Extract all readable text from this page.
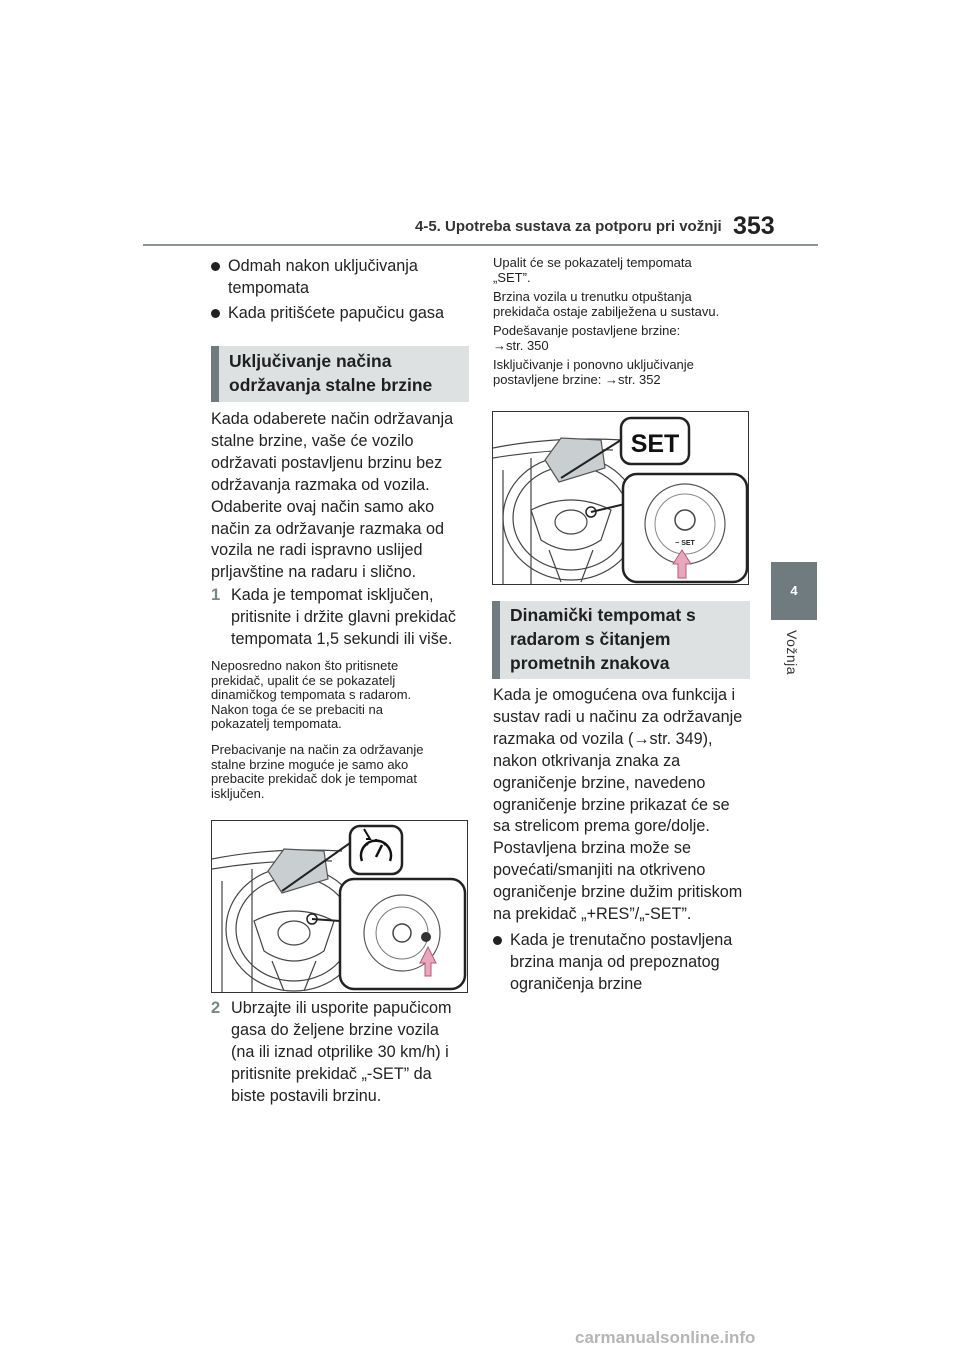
4-5. Upotreba sustava za potporu pri vožnji 353
4
Vožnja

Odmah nakon uključivanja

tempomata

Kada pritišćete papučicu gasa
Uključivanje načina
održavanja stalne brzine

Kada odaberete način održavanja

stalne brzine, vaše će vozilo

održavati postavljenu brzinu bez

održavanja razmaka od vozila.

Odaberite ovaj način samo ako

način za održavanje razmaka od

vozila ne radi ispravno uslijed

prljavštine na radaru i slično.

1 Kada je tempomat isključen,

pritisnite i držite glavni prekidač

tempomata 1,5 sekundi ili više.

Neposredno nakon što pritisnete

prekidač, upalit će se pokazatelj

dinamičkog tempomata s radarom.

Nakon toga će se prebaciti na

pokazatelj tempomata.

Prebacivanje na način za održavanje

stalne brzine moguće je samo ako

prebacite prekidač dok je tempomat

isključen.

2 Ubrzajte ili usporite papučicom

gasa do željene brzine vozila

(na ili iznad otprilike 30 km/h) i

pritisnite prekidač „-SET” da

biste postavili brzinu.

Upalit će se pokazatelj tempomata

„SET”.

Brzina vozila u trenutku otpuštanja

prekidača ostaje zabilježena u sustavu.

Podešavanje postavljene brzine:

→str. 350

Isključivanje i ponovno uključivanje

postavljene brzine: →str. 352

− SET
SET
Dinamički tempomat s
radarom s čitanjem
prometnih znakova

Kada je omogućena ova funkcija i

sustav radi u načinu za održavanje

razmaka od vozila (→str. 349),

nakon otkrivanja znaka za

ograničenje brzine, navedeno

ograničenje brzine prikazat će se

sa strelicom prema gore/dolje.

Postavljena brzina može se

povećati/smanjiti na otkriveno

ograničenje brzine dužim pritiskom

na prekidač „+RES”/„-SET”.

Kada je trenutačno postavljena

brzina manja od prepoznatog

ograničenja brzine

carmanualsonline.info
